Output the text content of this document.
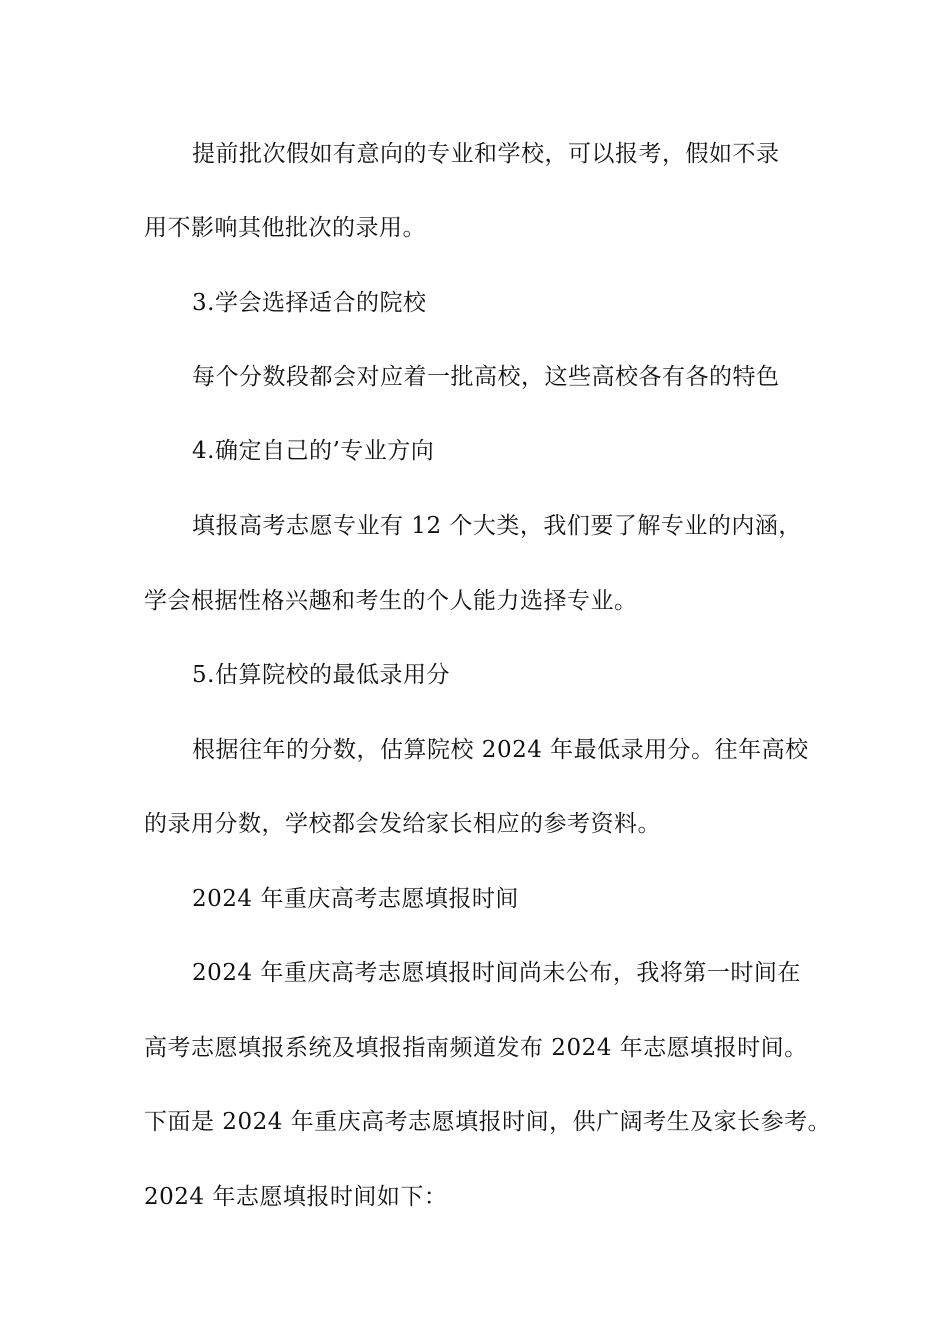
提前批次假如有意向的专业和学校，可以报考，假如不录
用不影响其他批次的录用。
3.学会选择适合的院校
每个分数段都会对应着一批高校，这些高校各有各的特色
4.确定自己的’专业方向
填报高考志愿专业有 12 个大类，我们要了解专业的内涵，
学会根据性格兴趣和考生的个人能力选择专业。
5.估算院校的最低录用分
根据往年的分数，估算院校 2024 年最低录用分。往年高校
的录用分数，学校都会发给家长相应的参考资料。
2024 年重庆高考志愿填报时间
2024 年重庆高考志愿填报时间尚未公布，我将第一时间在
高考志愿填报系统及填报指南频道发布 2024 年志愿填报时间。
下面是 2024 年重庆高考志愿填报时间，供广阔考生及家长参考。
2024 年志愿填报时间如下：
